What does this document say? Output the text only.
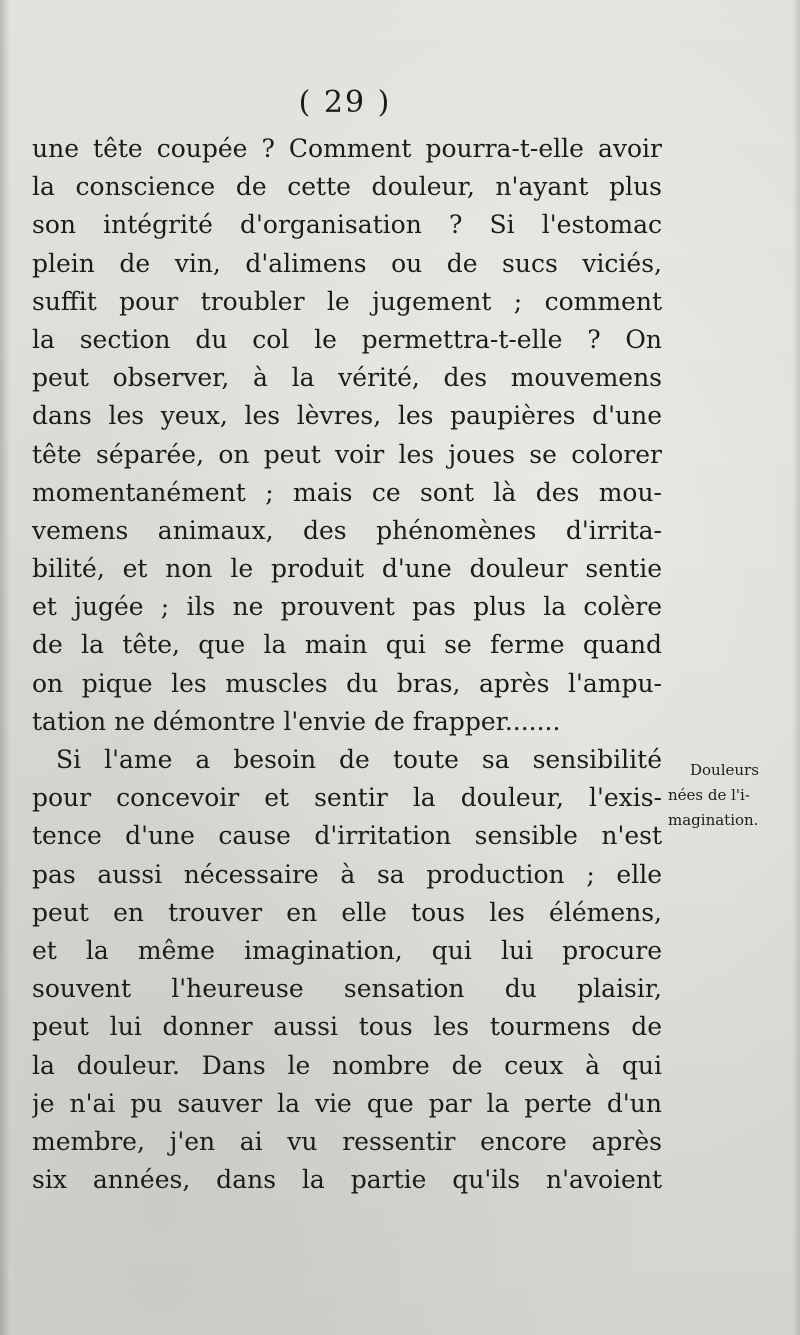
( 29 )
une tête coupée ? Comment pourra-t-elle avoir
la conscience de cette douleur, n'ayant plus
son intégrité d'organisation ? Si l'estomac
plein de vin, d'alimens ou de sucs viciés,
suffit pour troubler le jugement ; comment
la section du col le permettra-t-elle ? On
peut observer, à la vérité, des mouvemens
dans les yeux, les lèvres, les paupières d'une
tête séparée, on peut voir les joues se colorer
momentanément ; mais ce sont là des mou-
vemens animaux, des phénomènes d'irrita-
bilité, et non le produit d'une douleur sentie
et jugée ; ils ne prouvent pas plus la colère
de la tête, que la main qui se ferme quand
on pique les muscles du bras, après l'ampu-
tation ne démontre l'envie de frapper.......
Si l'ame a besoin de toute sa sensibilité
pour concevoir et sentir la douleur, l'exis-
tence d'une cause d'irritation sensible n'est
pas aussi nécessaire à sa production ; elle
peut en trouver en elle tous les élémens,
et la même imagination, qui lui procure
souvent l'heureuse sensation du plaisir,
peut lui donner aussi tous les tourmens de
la douleur. Dans le nombre de ceux à qui
je n'ai pu sauver la vie que par la perte d'un
membre, j'en ai vu ressentir encore après
six années, dans la partie qu'ils n'avoient
Douleurs
nées de l'i-
magination.
